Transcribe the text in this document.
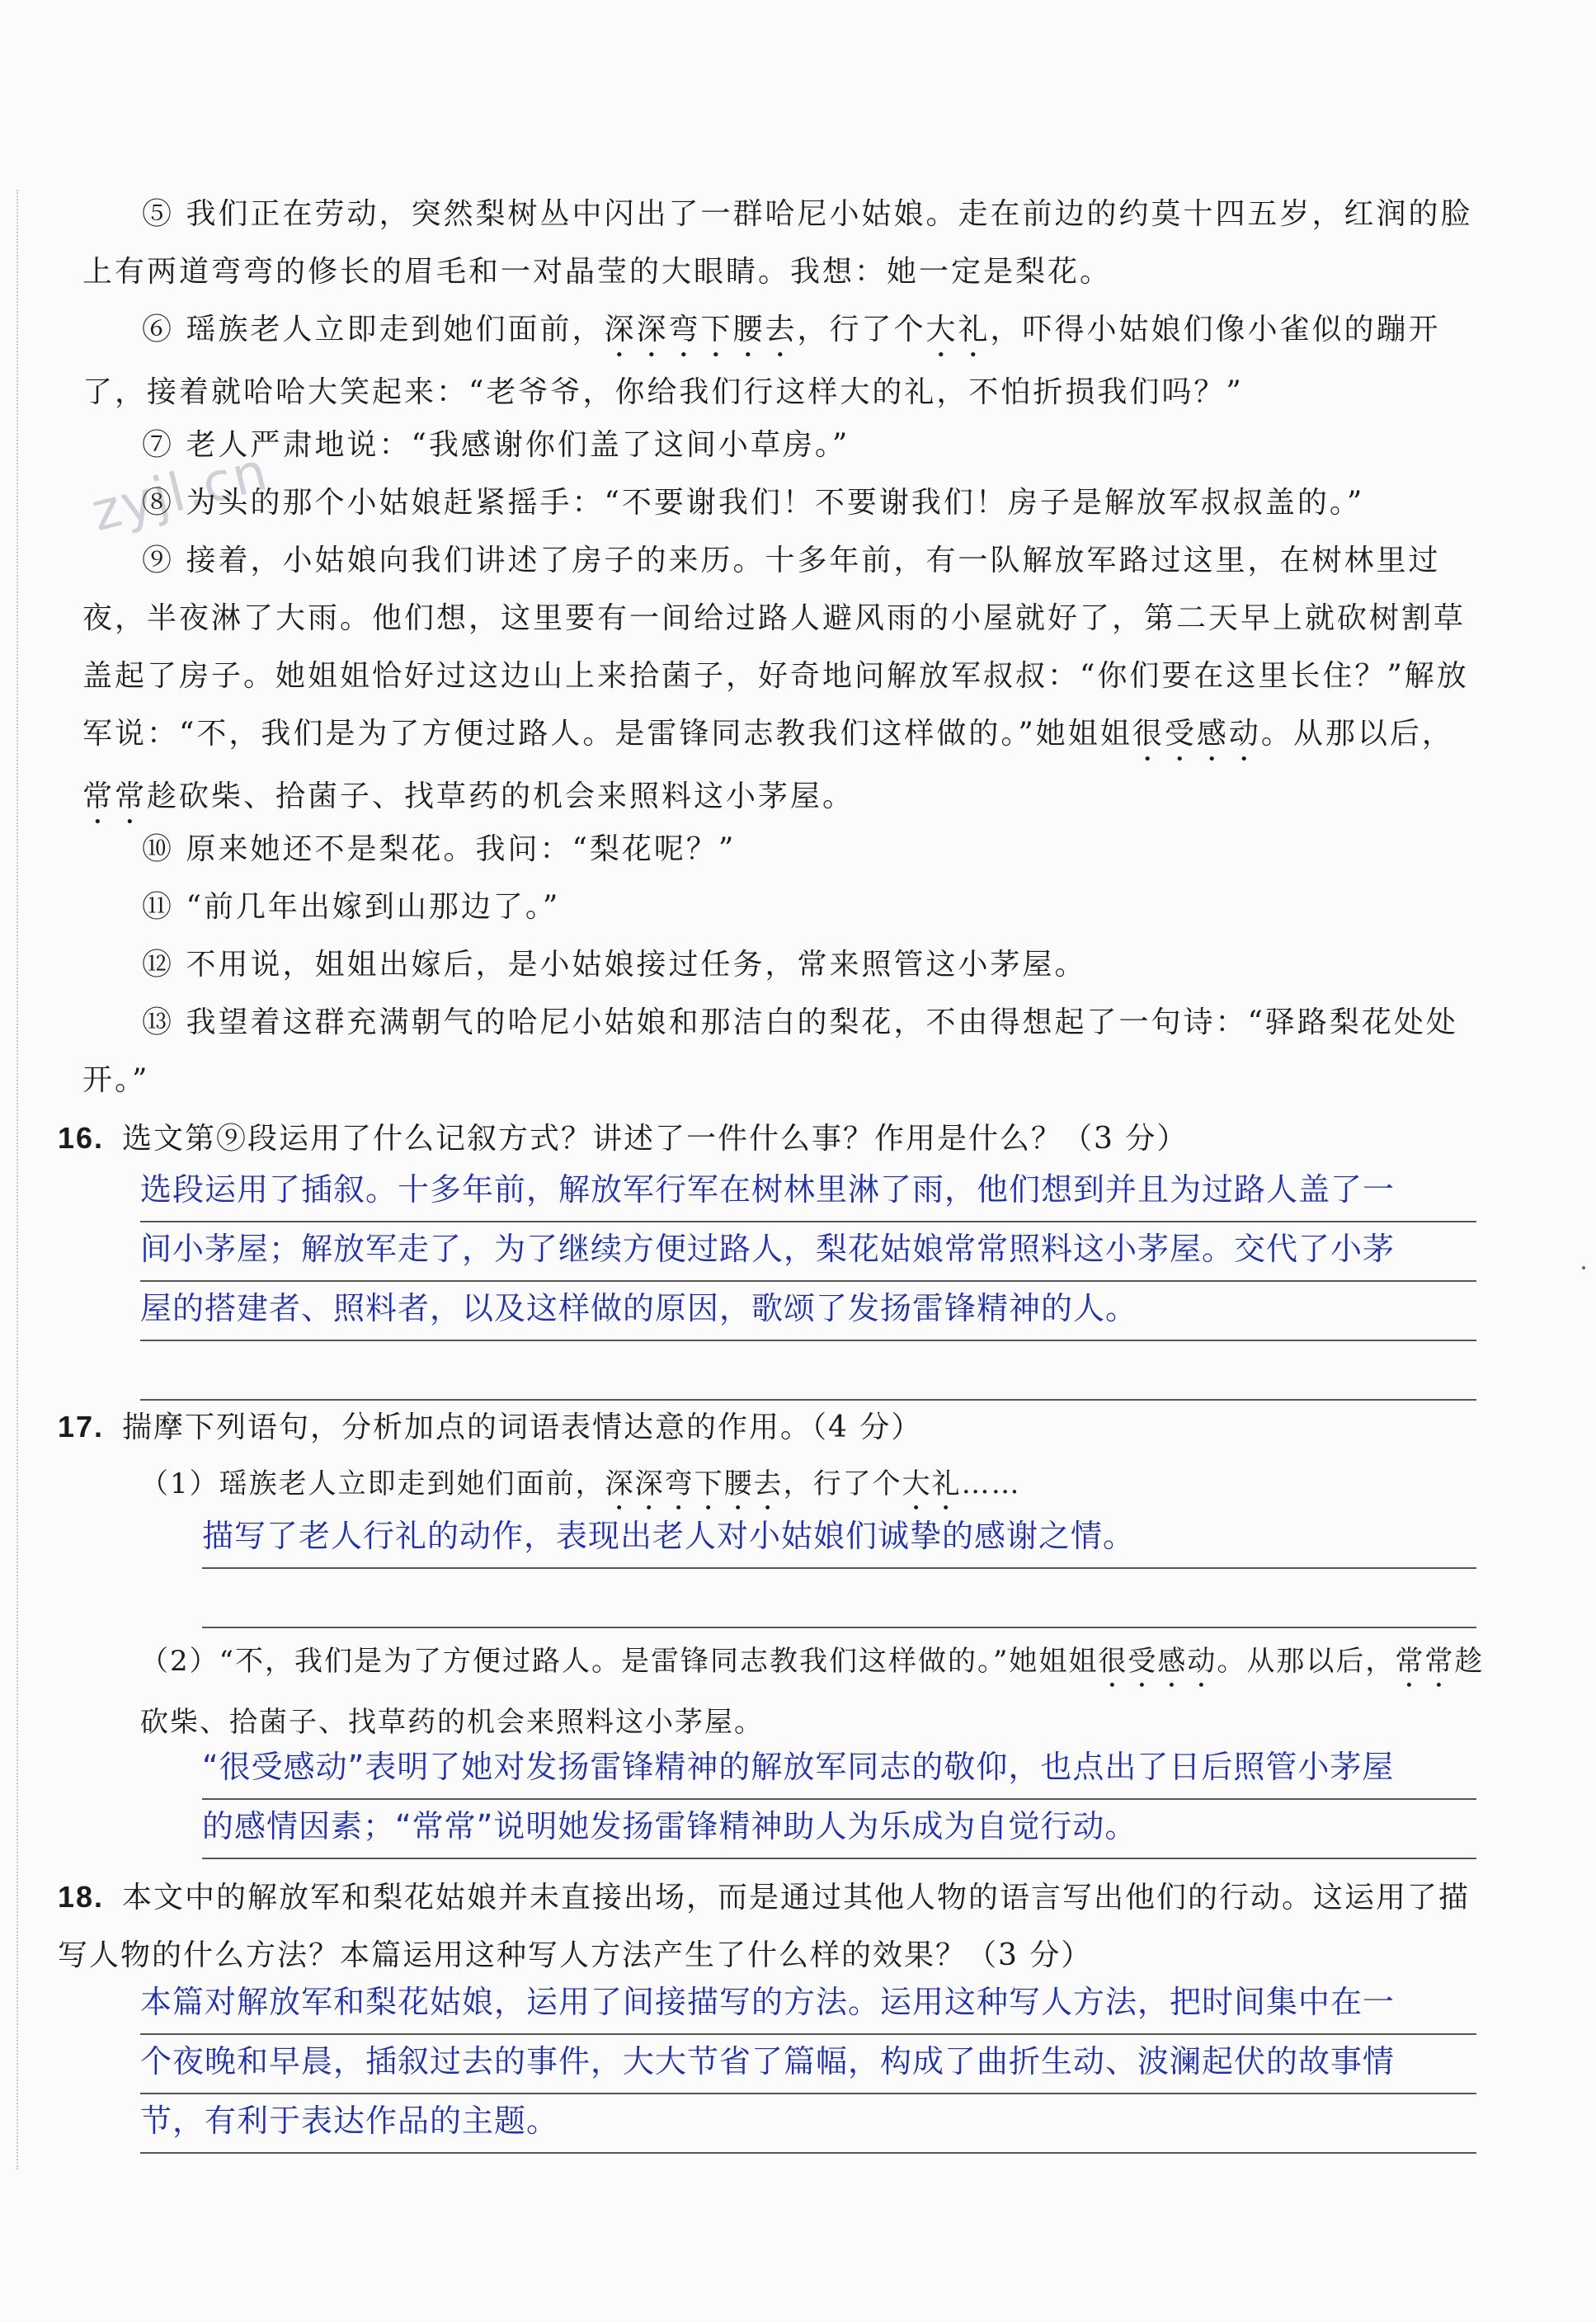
zyjl.cn

⑤ 我们正在劳动，突然梨树丛中闪出了一群哈尼小姑娘。走在前边的约莫十四五岁，红润的脸上有两道弯弯的修长的眉毛和一对晶莹的大眼睛。我想：她一定是梨花。

⑥ 瑶族老人立即走到她们面前，深深弯下腰去，行了个大礼，吓得小姑娘们像小雀似的蹦开了，接着就哈哈大笑起来：“老爷爷，你给我们行这样大的礼，不怕折损我们吗？”

⑦ 老人严肃地说：“我感谢你们盖了这间小草房。”

⑧ 为头的那个小姑娘赶紧摇手：“不要谢我们！不要谢我们！房子是解放军叔叔盖的。”

⑨ 接着，小姑娘向我们讲述了房子的来历。十多年前，有一队解放军路过这里，在树林里过夜，半夜淋了大雨。他们想，这里要有一间给过路人避风雨的小屋就好了，第二天早上就砍树割草盖起了房子。她姐姐恰好过这边山上来拾菌子，好奇地问解放军叔叔：“你们要在这里长住？”解放军说：“不，我们是为了方便过路人。是雷锋同志教我们这样做的。”她姐姐很受感动。从那以后，常常趁砍柴、拾菌子、找草药的机会来照料这小茅屋。

⑩ 原来她还不是梨花。我问：“梨花呢？”

⑪ “前几年出嫁到山那边了。”

⑫ 不用说，姐姐出嫁后，是小姑娘接过任务，常来照管这小茅屋。

⑬ 我望着这群充满朝气的哈尼小姑娘和那洁白的梨花，不由得想起了一句诗：“驿路梨花处处开。”

16. 选文第⑨段运用了什么记叙方式？讲述了一件什么事？作用是什么？（3 分）

选段运用了插叙。十多年前，解放军行军在树林里淋了雨，他们想到并且为过路人盖了一
间小茅屋；解放军走了，为了继续方便过路人，梨花姑娘常常照料这小茅屋。交代了小茅
屋的搭建者、照料者，以及这样做的原因，歌颂了发扬雷锋精神的人。

17. 揣摩下列语句，分析加点的词语表情达意的作用。（4 分）

（1）瑶族老人立即走到她们面前，深深弯下腰去，行了个大礼……

描写了老人行礼的动作，表现出老人对小姑娘们诚挚的感谢之情。

（2）“不，我们是为了方便过路人。是雷锋同志教我们这样做的。”她姐姐很受感动。从那以后，常常趁砍柴、拾菌子、找草药的机会来照料这小茅屋。

“很受感动”表明了她对发扬雷锋精神的解放军同志的敬仰，也点出了日后照管小茅屋
的感情因素；“常常”说明她发扬雷锋精神助人为乐成为自觉行动。

18. 本文中的解放军和梨花姑娘并未直接出场，而是通过其他人物的语言写出他们的行动。这运用了描写人物的什么方法？本篇运用这种写人方法产生了什么样的效果？（3 分）

本篇对解放军和梨花姑娘，运用了间接描写的方法。运用这种写人方法，把时间集中在一
个夜晚和早晨，插叙过去的事件，大大节省了篇幅，构成了曲折生动、波澜起伏的故事情
节，有利于表达作品的主题。
